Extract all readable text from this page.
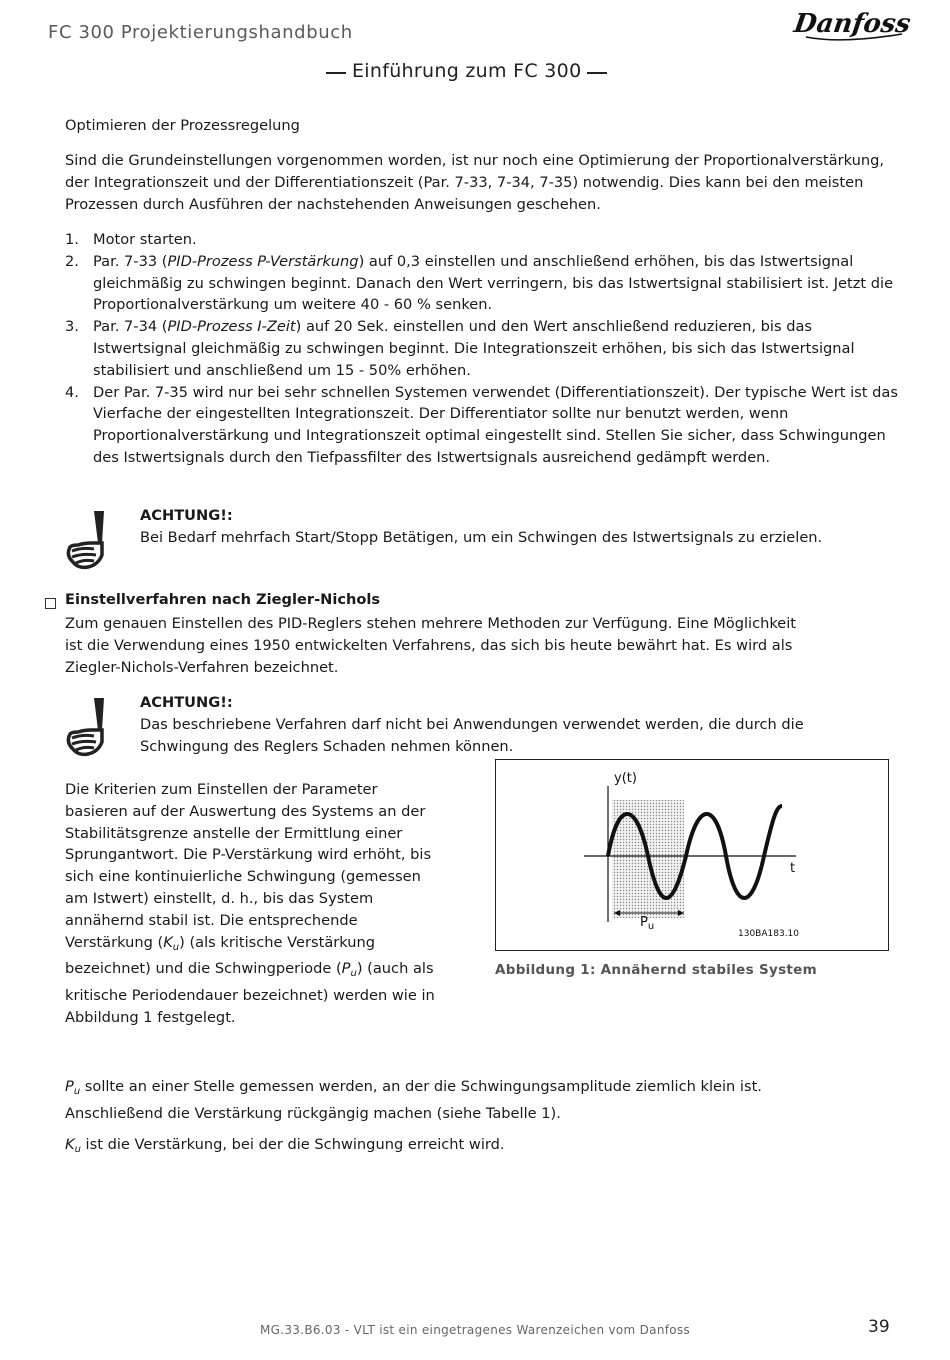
FC 300 Projektierungshandbuch	Danfoss
Einführung zum FC 300
Optimieren der Prozessregelung
Sind die Grundeinstellungen vorgenommen worden, ist nur noch eine Optimierung der Proportionalverstärkung, der Integrationszeit und der Differentiationszeit (Par. 7-33, 7-34, 7-35) notwendig. Dies kann bei den meisten Prozessen durch Ausführen der nachstehenden Anweisungen geschehen.
1. Motor starten.
2. Par. 7-33 (PID-Prozess P-Verstärkung) auf 0,3 einstellen und anschließend erhöhen, bis das Istwertsignal gleichmäßig zu schwingen beginnt. Danach den Wert verringern, bis das Istwertsignal stabilisiert ist. Jetzt die Proportionalverstärkung um weitere 40 - 60 % senken.
3. Par. 7-34 (PID-Prozess I-Zeit) auf 20 Sek. einstellen und den Wert anschließend reduzieren, bis das Istwertsignal gleichmäßig zu schwingen beginnt. Die Integrationszeit erhöhen, bis sich das Istwertsignal stabilisiert und anschließend um 15 - 50% erhöhen.
4. Der Par. 7-35 wird nur bei sehr schnellen Systemen verwendet (Differentiationszeit). Der typische Wert ist das Vierfache der eingestellten Integrationszeit. Der Differentiator sollte nur benutzt werden, wenn Proportionalverstärkung und Integrationszeit optimal eingestellt sind. Stellen Sie sicher, dass Schwingungen des Istwertsignals durch den Tiefpassfilter des Istwertsignals ausreichend gedämpft werden.
ACHTUNG!:
Bei Bedarf mehrfach Start/Stopp Betätigen, um ein Schwingen des Istwertsignals zu erzielen.
Einstellverfahren nach Ziegler-Nichols
Zum genauen Einstellen des PID-Reglers stehen mehrere Methoden zur Verfügung. Eine Möglichkeit ist die Verwendung eines 1950 entwickelten Verfahrens, das sich bis heute bewährt hat. Es wird als Ziegler-Nichols-Verfahren bezeichnet.
ACHTUNG!:
Das beschriebene Verfahren darf nicht bei Anwendungen verwendet werden, die durch die Schwingung des Reglers Schaden nehmen können.
Die Kriterien zum Einstellen der Parameter basieren auf der Auswertung des Systems an der Stabilitätsgrenze anstelle der Ermittlung einer Sprungantwort. Die P-Verstärkung wird erhöht, bis sich eine kontinuierliche Schwingung (gemessen am Istwert) einstellt, d. h., bis das System annähernd stabil ist. Die entsprechende Verstärkung $(K_u)$ (als kritische Verstärkung bezeichnet) und die Schwingperiode $(P_u)$ (auch als kritische Periodendauer bezeichnet) werden wie in Abbildung 1 festgelegt.
y(t)
t
$P_u$
130BA183.10
Abbildung 1: Annähernd stabiles System
$P_u$ sollte an einer Stelle gemessen werden, an der die Schwingungsamplitude ziemlich klein ist. Anschließend die Verstärkung rückgängig machen (siehe Tabelle 1).
$K_u$ ist die Verstärkung, bei der die Schwingung erreicht wird.
MG.33.B6.03 - VLT ist ein eingetragenes Warenzeichen vom Danfoss	39
